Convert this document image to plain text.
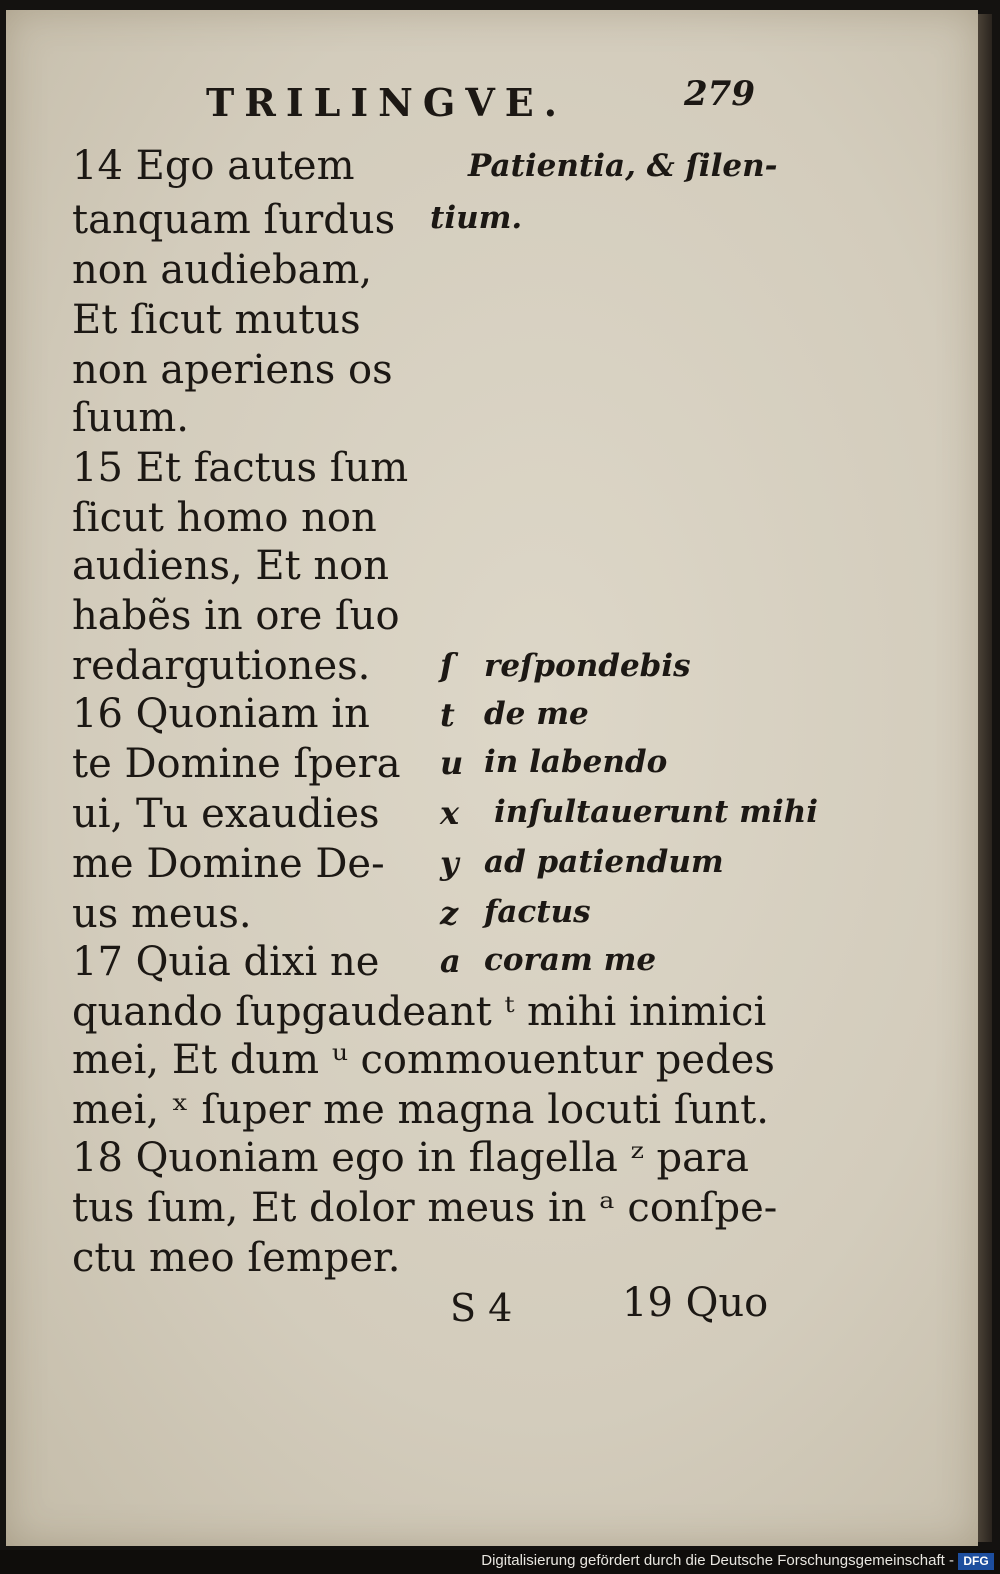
TRILINGVE.	279
14 Ego autem
tanquam ſurdus
non audiebam,
Et ſicut mutus
non aperiens os
ſuum.
15 Et factus ſum
ſicut homo non
audiens, Et non
habẽs in ore ſuo
redargutiones.
16 Quoniam in
te Domine ſpera
ui, Tu exaudies
me Domine De-
us meus.
17 Quia dixi ne
quando ſupgaudeant ᵗ mihi inimici
mei, Et dum ᵘ commouentur pedes
mei, ˣ ſuper me magna locuti ſunt.
18 Quoniam ego in flagella ᶻ para
tus ſum, Et dolor meus in ᵃ conſpe-
ctu meo ſemper.
Patientia, & ſilen-
tium.
ſ reſpondebis
t de me
u in labendo
x inſultauerunt mihi
y ad patiendum
z factus
a coram me
S 4	19 Quo
Digitalisierung gefördert durch die Deutsche Forschungsgemeinschaft - DFG
